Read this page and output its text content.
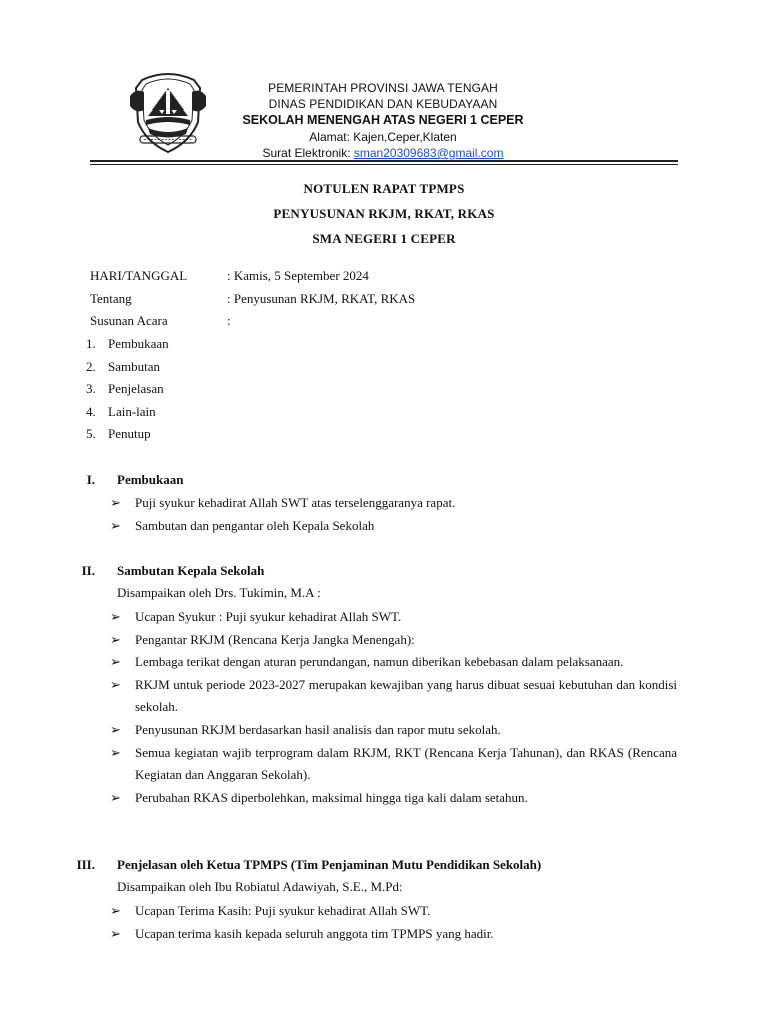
PEMERINTAH PROVINSI JAWA TENGAH
DINAS PENDIDIKAN DAN KEBUDAYAAN
SEKOLAH MENENGAH ATAS NEGERI 1 CEPER
Alamat: Kajen,Ceper,Klaten
Surat Elektronik: sman20309683@gmail.com
NOTULEN RAPAT TPMPS
PENYUSUNAN RKJM, RKAT, RKAS
SMA NEGERI 1 CEPER
HARI/TANGGAL	: Kamis, 5 September 2024
Tentang	: Penyusunan RKJM, RKAT, RKAS
Susunan Acara	:
1. Pembukaan
2. Sambutan
3. Penjelasan
4. Lain-lain
5. Penutup
I. Pembukaan
➢	Puji syukur kehadirat Allah SWT atas terselenggaranya rapat.
➢	Sambutan dan pengantar oleh Kepala Sekolah
II. Sambutan Kepala Sekolah
Disampaikan oleh Drs. Tukimin, M.A :
➢	Ucapan Syukur : Puji syukur kehadirat Allah SWT.
➢	Pengantar RKJM (Rencana Kerja Jangka Menengah):
➢	Lembaga terikat dengan aturan perundangan, namun diberikan kebebasan dalam pelaksanaan.
➢	RKJM untuk periode 2023-2027 merupakan kewajiban yang harus dibuat sesuai kebutuhan dan kondisi sekolah.
➢	Penyusunan RKJM berdasarkan hasil analisis dan rapor mutu sekolah.
➢	Semua kegiatan wajib terprogram dalam RKJM, RKT (Rencana Kerja Tahunan), dan RKAS (Rencana Kegiatan dan Anggaran Sekolah).
➢	Perubahan RKAS diperbolehkan, maksimal hingga tiga kali dalam setahun.
III. Penjelasan oleh Ketua TPMPS (Tim Penjaminan Mutu Pendidikan Sekolah)
Disampaikan oleh Ibu Robiatul Adawiyah, S.E., M.Pd:
➢	Ucapan Terima Kasih: Puji syukur kehadirat Allah SWT.
➢	Ucapan terima kasih kepada seluruh anggota tim TPMPS yang hadir.
